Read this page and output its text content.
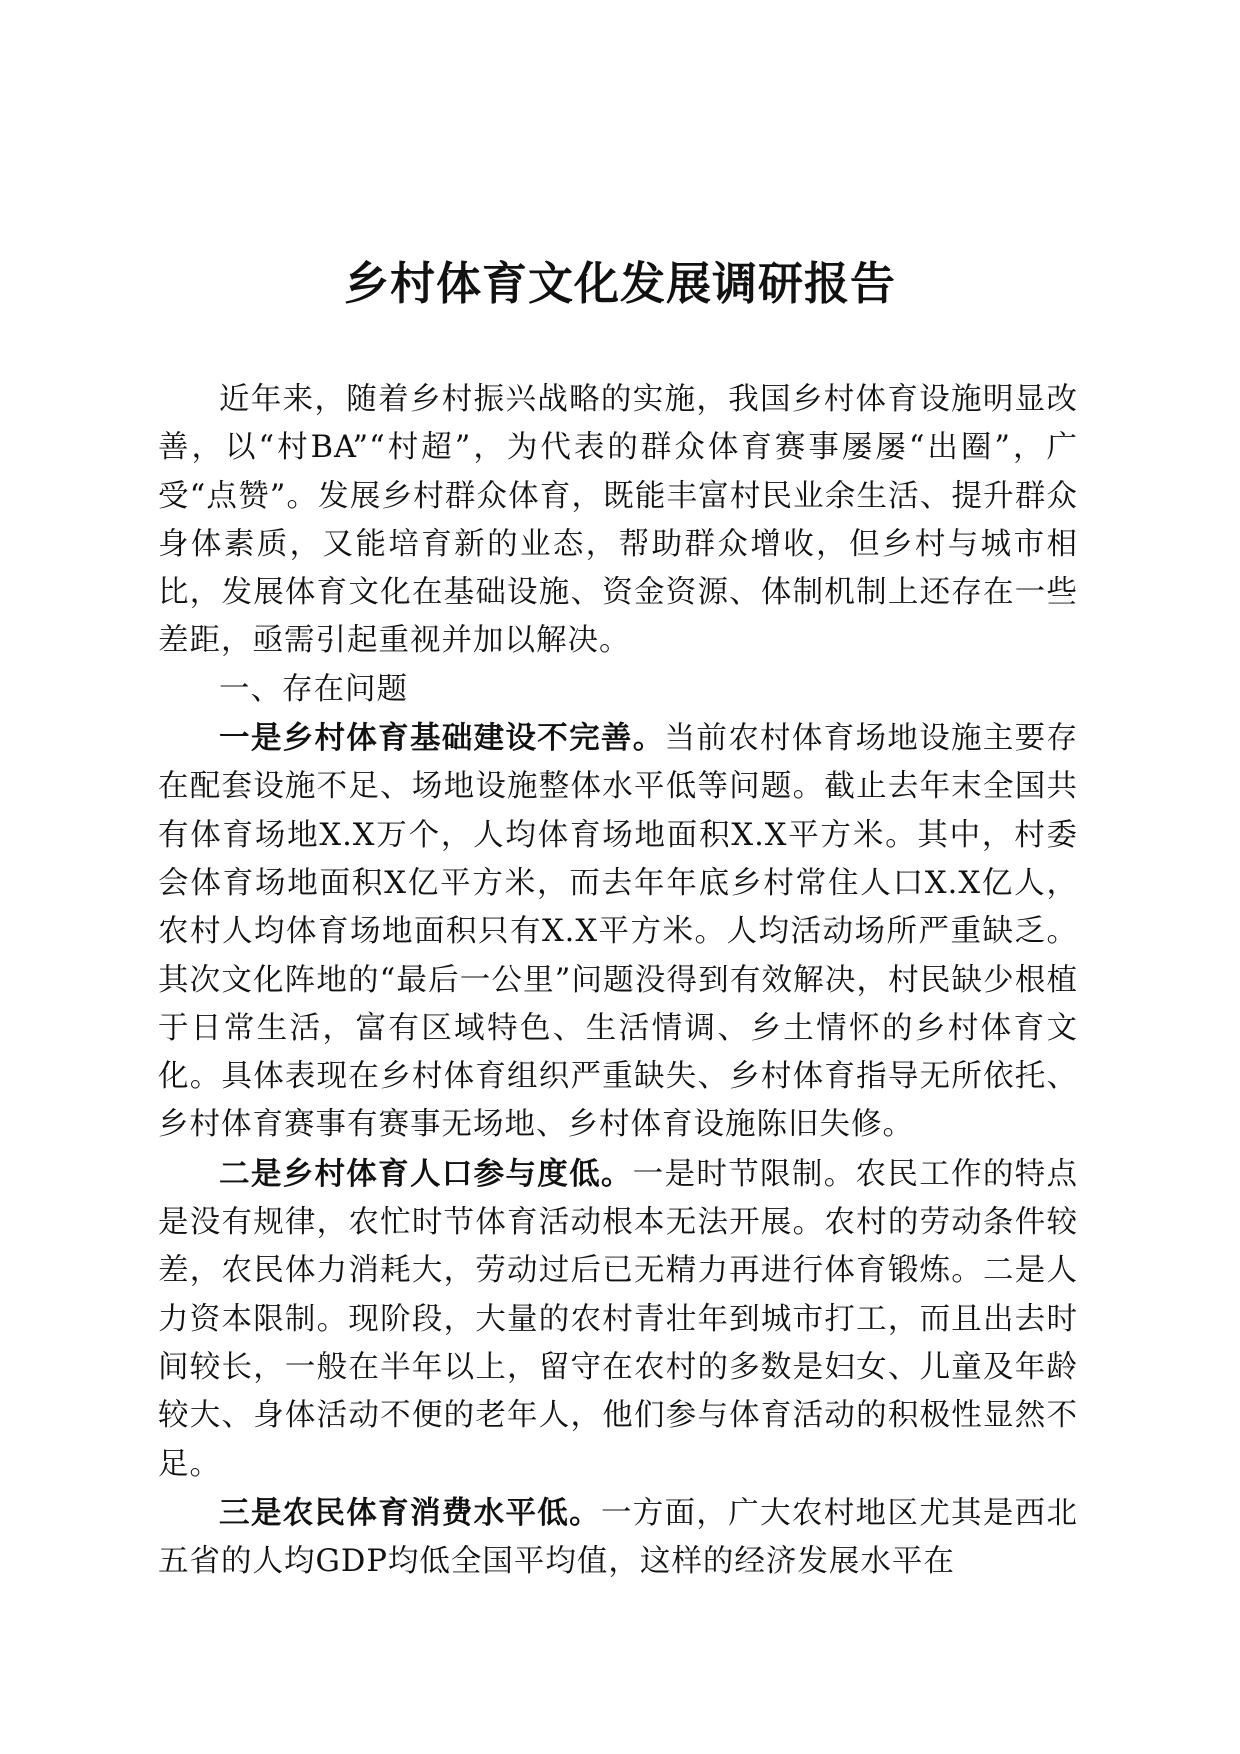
乡村体育文化发展调研报告

近年来，随着乡村振兴战略的实施，我国乡村体育设施明显改善，以“村BA”“村超”，为代表的群众体育赛事屡屡“出圈”，广受“点赞”。发展乡村群众体育，既能丰富村民业余生活、提升群众身体素质，又能培育新的业态，帮助群众增收，但乡村与城市相比，发展体育文化在基础设施、资金资源、体制机制上还存在一些差距，亟需引起重视并加以解决。

一、存在问题

一是乡村体育基础建设不完善。当前农村体育场地设施主要存在配套设施不足、场地设施整体水平低等问题。截止去年末全国共有体育场地X.X万个，人均体育场地面积X.X平方米。其中，村委会体育场地面积X亿平方米，而去年年底乡村常住人口X.X亿人，农村人均体育场地面积只有X.X平方米。人均活动场所严重缺乏。其次文化阵地的“最后一公里”问题没得到有效解决，村民缺少根植于日常生活，富有区域特色、生活情调、乡土情怀的乡村体育文化。具体表现在乡村体育组织严重缺失、乡村体育指导无所依托、乡村体育赛事有赛事无场地、乡村体育设施陈旧失修。

二是乡村体育人口参与度低。一是时节限制。农民工作的特点是没有规律，农忙时节体育活动根本无法开展。农村的劳动条件较差，农民体力消耗大，劳动过后已无精力再进行体育锻炼。二是人力资本限制。现阶段，大量的农村青壮年到城市打工，而且出去时间较长，一般在半年以上，留守在农村的多数是妇女、儿童及年龄较大、身体活动不便的老年人，他们参与体育活动的积极性显然不足。

三是农民体育消费水平低。一方面，广大农村地区尤其是西北五省的人均GDP均低全国平均值，这样的经济发展水平在
